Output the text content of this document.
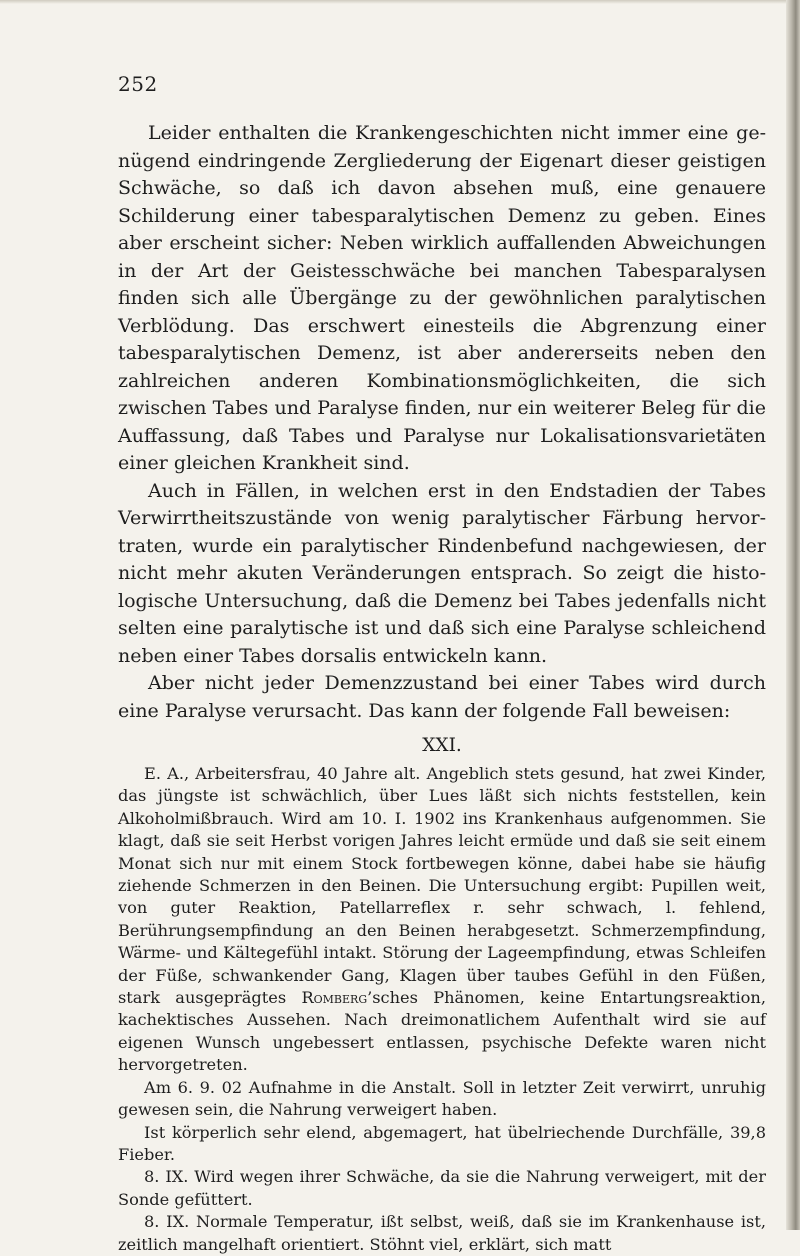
252

Leider enthalten die Krankengeschichten nicht immer eine genügend eindringende Zergliederung der Eigenart dieser geistigen Schwäche, so daß ich davon absehen muß, eine genauere Schilderung einer tabesparalytischen Demenz zu geben. Eines aber erscheint sicher: Neben wirklich auffallenden Abweichungen in der Art der Geistesschwäche bei manchen Tabesparalysen finden sich alle Übergänge zu der gewöhnlichen paralytischen Verblödung. Das erschwert einesteils die Abgrenzung einer tabesparalytischen Demenz, ist aber andererseits neben den zahlreichen anderen Kombinationsmöglichkeiten, die sich zwischen Tabes und Paralyse finden, nur ein weiterer Beleg für die Auffassung, daß Tabes und Paralyse nur Lokalisationsvarietäten einer gleichen Krankheit sind.

Auch in Fällen, in welchen erst in den Endstadien der Tabes Verwirrtheitszustände von wenig paralytischer Färbung hervortraten, wurde ein paralytischer Rindenbefund nachgewiesen, der nicht mehr akuten Veränderungen entsprach. So zeigt die histologische Untersuchung, daß die Demenz bei Tabes jedenfalls nicht selten eine paralytische ist und daß sich eine Paralyse schleichend neben einer Tabes dorsalis entwickeln kann.

Aber nicht jeder Demenzzustand bei einer Tabes wird durch eine Paralyse verursacht. Das kann der folgende Fall beweisen:

XXI.

E. A., Arbeitersfrau, 40 Jahre alt. Angeblich stets gesund, hat zwei Kinder, das jüngste ist schwächlich, über Lues läßt sich nichts feststellen, kein Alkoholmißbrauch. Wird am 10. I. 1902 ins Krankenhaus aufgenommen. Sie klagt, daß sie seit Herbst vorigen Jahres leicht ermüde und daß sie seit einem Monat sich nur mit einem Stock fortbewegen könne, dabei habe sie häufig ziehende Schmerzen in den Beinen. Die Untersuchung ergibt: Pupillen weit, von guter Reaktion, Patellarreflex r. sehr schwach, l. fehlend, Berührungsempfindung an den Beinen herabgesetzt. Schmerzempfindung, Wärme- und Kältegefühl intakt. Störung der Lageempfindung, etwas Schleifen der Füße, schwankender Gang, Klagen über taubes Gefühl in den Füßen, stark ausgeprägtes Romberg’sches Phänomen, keine Entartungsreaktion, kachektisches Aussehen. Nach dreimonatlichem Aufenthalt wird sie auf eigenen Wunsch ungebessert entlassen, psychische Defekte waren nicht hervorgetreten.

Am 6. 9. 02 Aufnahme in die Anstalt. Soll in letzter Zeit verwirrt, unruhig gewesen sein, die Nahrung verweigert haben.

Ist körperlich sehr elend, abgemagert, hat übelriechende Durchfälle, 39,8 Fieber.

8. IX. Wird wegen ihrer Schwäche, da sie die Nahrung verweigert, mit der Sonde gefüttert.

8. IX. Normale Temperatur, ißt selbst, weiß, daß sie im Krankenhause ist, zeitlich mangelhaft orientiert. Stöhnt viel, erklärt, sich matt
